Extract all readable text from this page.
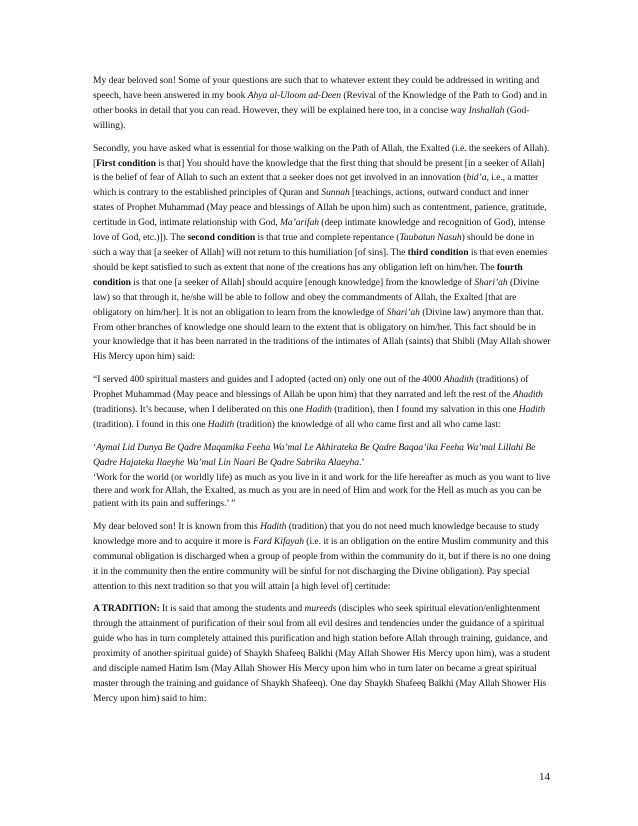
My dear beloved son! Some of your questions are such that to whatever extent they could be addressed in writing and speech, have been answered in my book Ahya al-Uloom ad-Deen (Revival of the Knowledge of the Path to God) and in other books in detail that you can read. However, they will be explained here too, in a concise way Inshallah (God-willing).

Secondly, you have asked what is essential for those walking on the Path of Allah, the Exalted (i.e. the seekers of Allah). [First condition is that] You should have the knowledge that the first thing that should be present [in a seeker of Allah] is the belief of fear of Allah to such an extent that a seeker does not get involved in an innovation (bid’a, i.e., a matter which is contrary to the established principles of Quran and Sunnah [teachings, actions, outward conduct and inner states of Prophet Muhammad (May peace and blessings of Allah be upon him) such as contentment, patience, gratitude, certitude in God, intimate relationship with God, Ma’arifah (deep intimate knowledge and recognition of God), intense love of God, etc.)]). The second condition is that true and complete repentance (Taubatun Nasuh) should be done in such a way that [a seeker of Allah] will not return to this humiliation [of sins]. The third condition is that even enemies should be kept satisfied to such as extent that none of the creations has any obligation left on him/her. The fourth condition is that one [a seeker of Allah] should acquire [enough knowledge] from the knowledge of Shari’ah (Divine law) so that through it, he/she will be able to follow and obey the commandments of Allah, the Exalted [that are obligatory on him/her]. It is not an obligation to learn from the knowledge of Shari’ah (Divine law) anymore than that. From other branches of knowledge one should learn to the extent that is obligatory on him/her. This fact should be in your knowledge that it has been narrated in the traditions of the intimates of Allah (saints) that Shibli (May Allah shower His Mercy upon him) said:

“I served 400 spiritual masters and guides and I adopted (acted on) only one out of the 4000 Ahadith (traditions) of Prophet Muhammad (May peace and blessings of Allah be upon him) that they narrated and left the rest of the Ahadith (traditions). It’s because, when I deliberated on this one Hadith (tradition), then I found my salvation in this one Hadith (tradition). I found in this one Hadith (tradition) the knowledge of all who came first and all who came last:

‘Aymal Lid Dunya Be Qadre Maqamika Feeha Wa’mal Le Akhirateka Be Qadre Baqaa’ika Feeha Wa’mal Lillahi Be Qadre Hajateka Ilaeyhe Wa’mal Lin Naari Be Qadre Sabrika Alaeyha.’

‘Work for the world (or worldly life) as much as you live in it and work for the life hereafter as much as you want to live there and work for Allah, the Exalted, as much as you are in need of Him and work for the Hell as much as you can be patient with its pain and sufferings.’ ”

My dear beloved son! It is known from this Hadith (tradition) that you do not need much knowledge because to study knowledge more and to acquire it more is Fard Kifayah (i.e. it is an obligation on the entire Muslim community and this communal obligation is discharged when a group of people from within the community do it, but if there is no one doing it in the community then the entire community will be sinful for not discharging the Divine obligation). Pay special attention to this next tradition so that you will attain [a high level of] certitude:

A TRADITION: It is said that among the students and mureeds (disciples who seek spiritual elevation/enlightenment through the attainment of purification of their soul from all evil desires and tendencies under the guidance of a spiritual guide who has in turn completely attained this purification and high station before Allah through training, guidance, and proximity of another spiritual guide) of Shaykh Shafeeq Balkhi (May Allah Shower His Mercy upon him), was a student and disciple named Hatim Ism (May Allah Shower His Mercy upon him who in turn later on became a great spiritual master through the training and guidance of Shaykh Shafeeq). One day Shaykh Shafeeq Balkhi (May Allah Shower His Mercy upon him) said to him:

14
